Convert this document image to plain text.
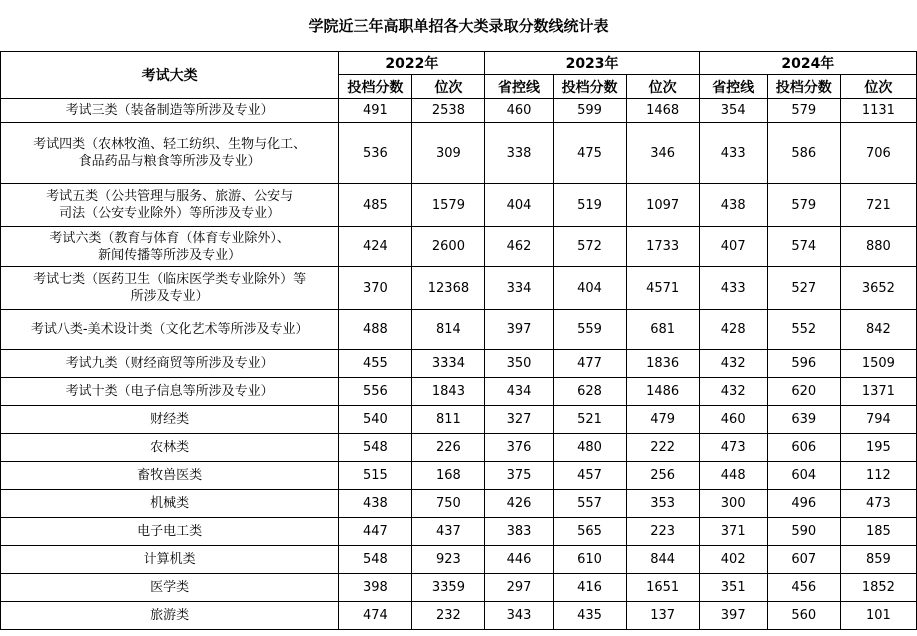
学院近三年高职单招各大类录取分数线统计表
考试大类	2022年		2023年			2024年		
	投档分数	位次	省控线	投档分数	位次	省控线	投档分数	位次

考试三类（装备制造等所涉及专业）	491	2538	460	599	1468	354	579	1131

考试四类（农林牧渔、轻工纺织、生物与化工、
食品药品与粮食等所涉及专业）	536	309	338	475	346	433	586	706

考试五类（公共管理与服务、旅游、公安与
司法（公安专业除外）等所涉及专业）	485	1579	404	519	1097	438	579	721

考试六类（教育与体育（体育专业除外）、
新闻传播等所涉及专业）	424	2600	462	572	1733	407	574	880

考试七类（医药卫生（临床医学类专业除外）等
所涉及专业）	370	12368	334	404	4571	433	527	3652

考试八类-美术设计类（文化艺术等所涉及专业）	488	814	397	559	681	428	552	842

考试九类（财经商贸等所涉及专业）	455	3334	350	477	1836	432	596	1509

考试十类（电子信息等所涉及专业）	556	1843	434	628	1486	432	620	1371

财经类	540	811	327	521	479	460	639	794

农林类	548	226	376	480	222	473	606	195

畜牧兽医类	515	168	375	457	256	448	604	112

机械类	438	750	426	557	353	300	496	473

电子电工类	447	437	383	565	223	371	590	185

计算机类	548	923	446	610	844	402	607	859

医学类	398	3359	297	416	1651	351	456	1852

旅游类	474	232	343	435	137	397	560	101
